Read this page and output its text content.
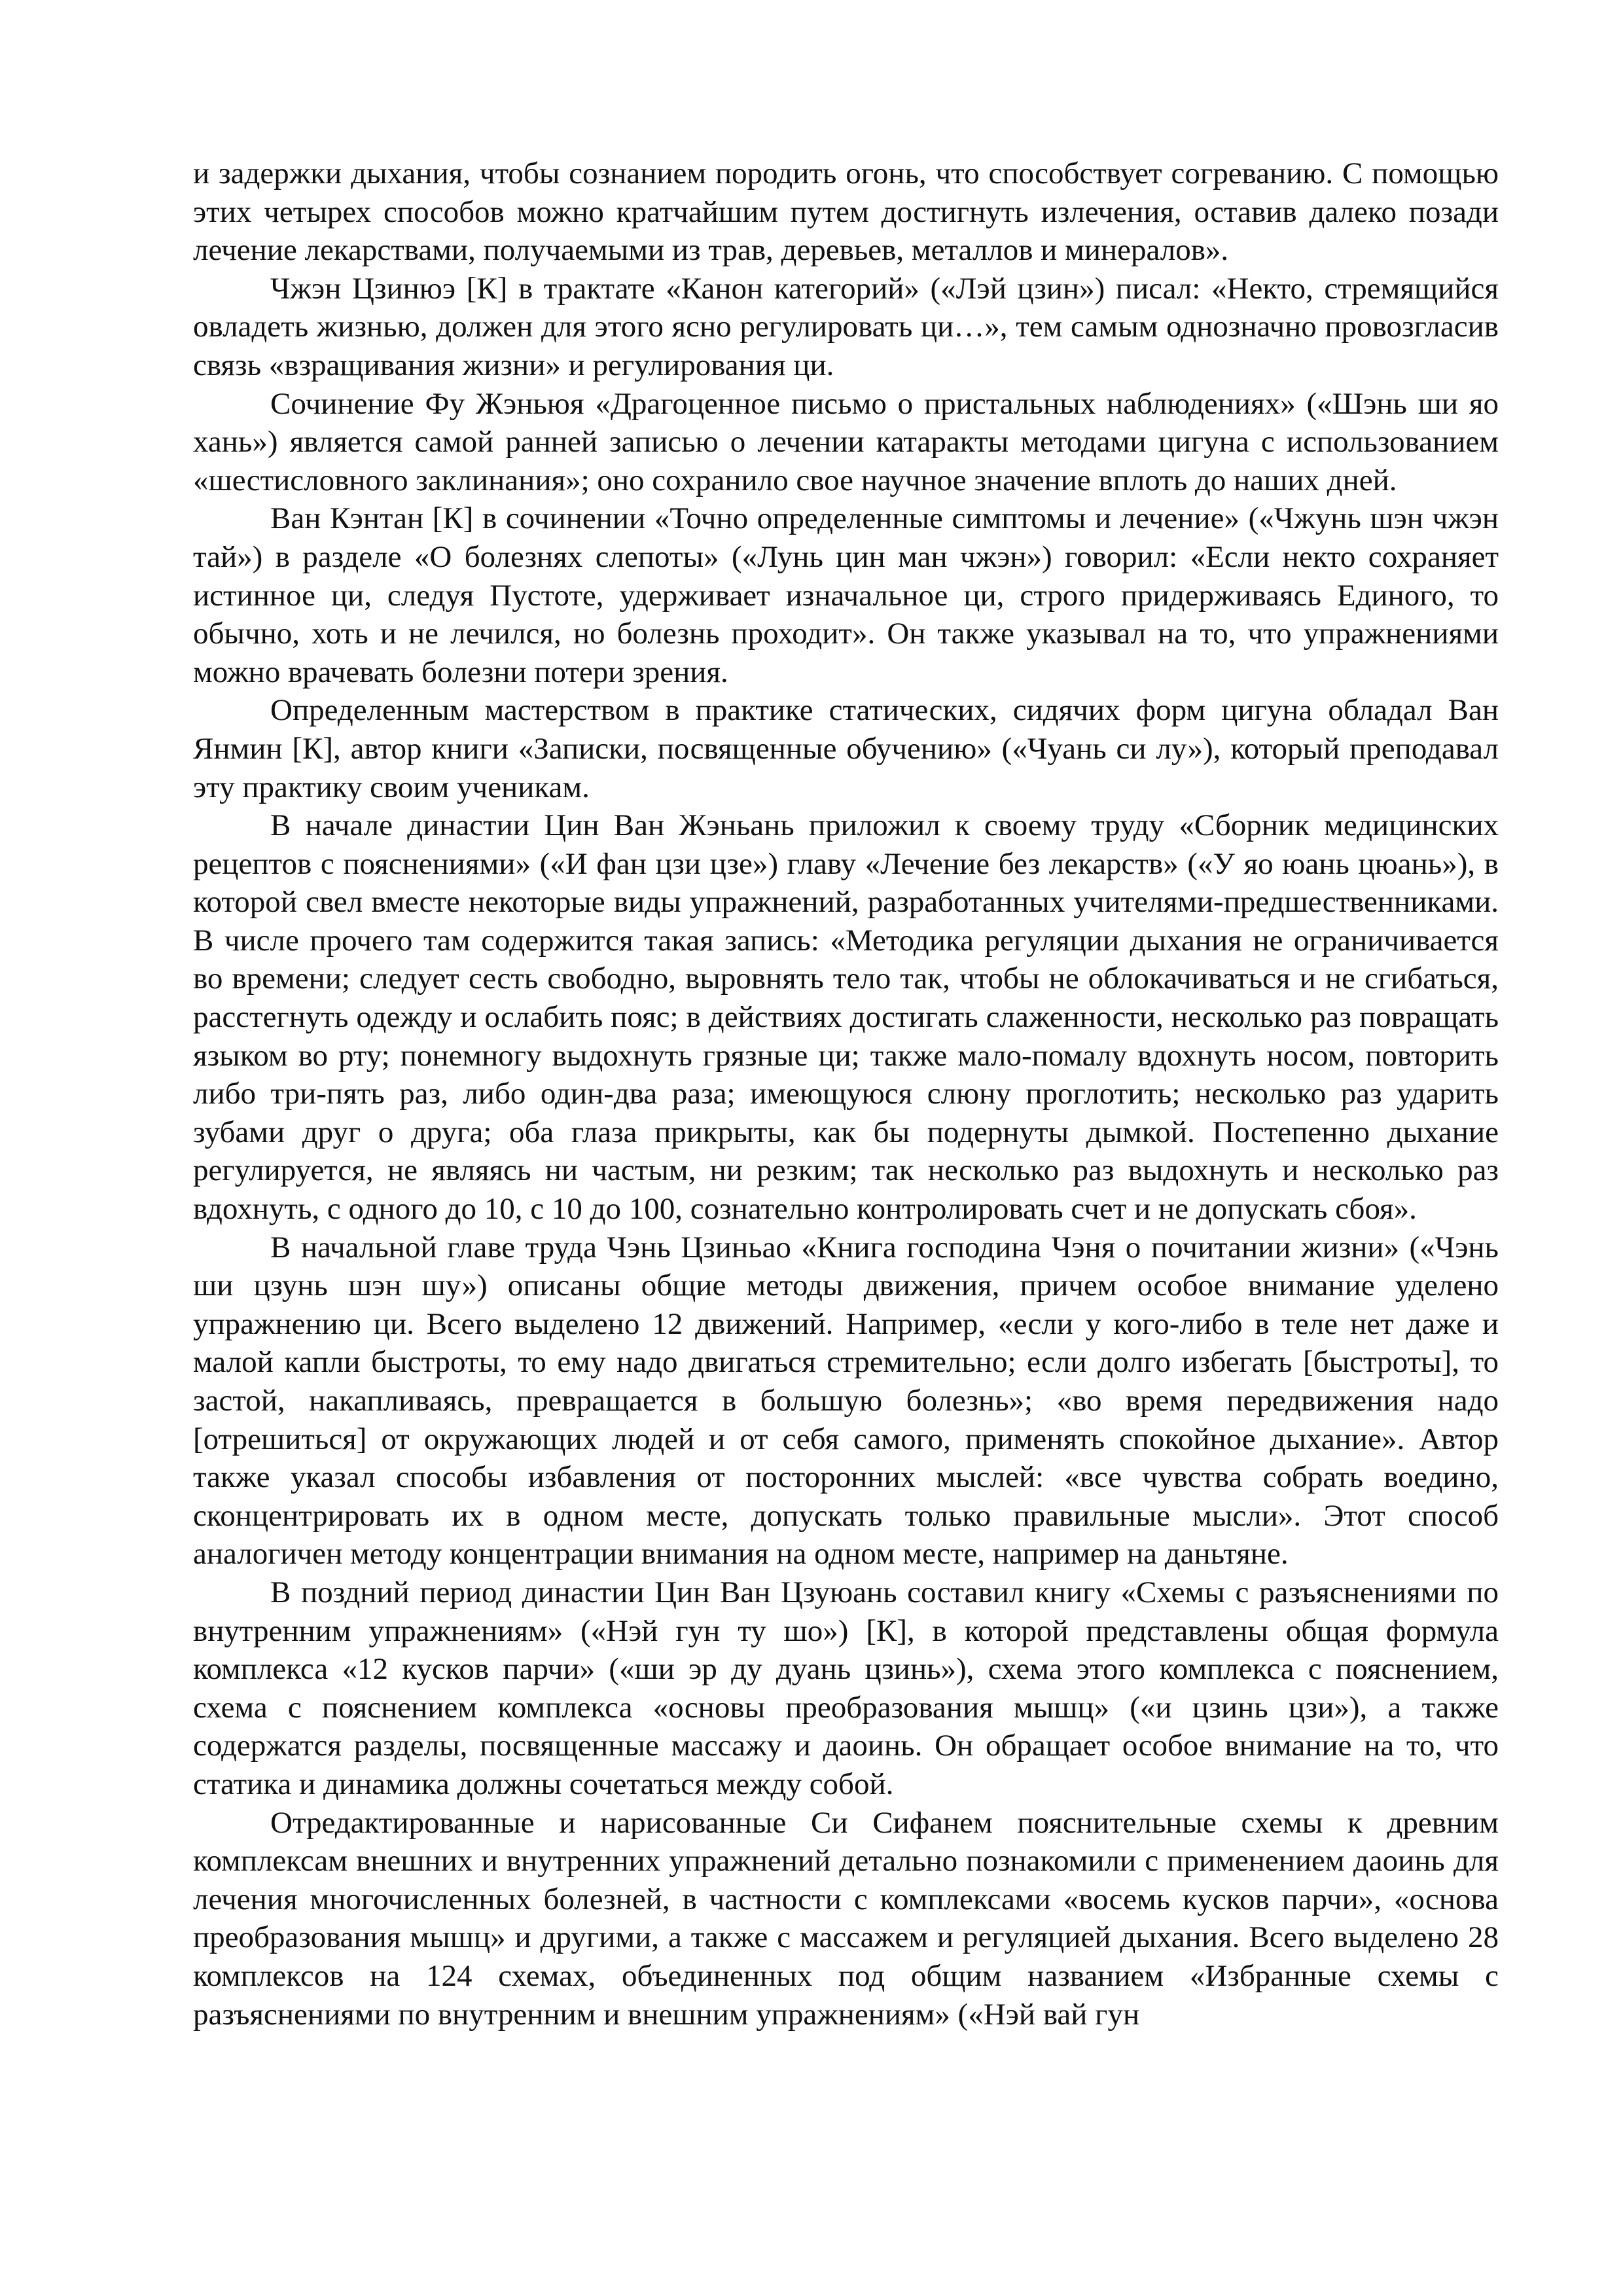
и задержки дыхания, чтобы сознанием породить огонь, что способствует согреванию. С помощью этих четырех способов можно кратчайшим путем достигнуть излечения, оставив далеко позади лечение лекарствами, получаемыми из трав, деревьев, металлов и минералов».

Чжэн Цзинюэ [К] в трактате «Канон категорий» («Лэй цзин») писал: «Некто, стремящийся овладеть жизнью, должен для этого ясно регулировать ци…», тем самым однозначно провозгласив связь «взращивания жизни» и регулирования ци.

Сочинение Фу Жэньюя «Драгоценное письмо о пристальных наблюдениях» («Шэнь ши яо хань») является самой ранней записью о лечении катаракты методами цигуна с использованием «шестисловного заклинания»; оно сохранило свое научное значение вплоть до наших дней.

Ван Кэнтан [К] в сочинении «Точно определенные симптомы и лечение» («Чжунь шэн чжэн тай») в разделе «О болезнях слепоты» («Лунь цин ман чжэн») говорил: «Если некто сохраняет истинное ци, следуя Пустоте, удерживает изначальное ци, строго придерживаясь Единого, то обычно, хоть и не лечился, но болезнь проходит». Он также указывал на то, что упражнениями можно врачевать болезни потери зрения.

Определенным мастерством в практике статических, сидячих форм цигуна обладал Ван Янмин [К], автор книги «Записки, посвященные обучению» («Чуань си лу»), который преподавал эту практику своим ученикам.

В начале династии Цин Ван Жэньань приложил к своему труду «Сборник медицинских рецептов с пояснениями» («И фан цзи цзе») главу «Лечение без лекарств» («У яо юань цюань»), в которой свел вместе некоторые виды упражнений, разработанных учителями-предшественниками. В числе прочего там содержится такая запись: «Методика регуляции дыхания не ограничивается во времени; следует сесть свободно, выровнять тело так, чтобы не облокачиваться и не сгибаться, расстегнуть одежду и ослабить пояс; в действиях достигать слаженности, несколько раз повращать языком во рту; понемногу выдохнуть грязные ци; также мало-помалу вдохнуть носом, повторить либо три-пять раз, либо один-два раза; имеющуюся слюну проглотить; несколько раз ударить зубами друг о друга; оба глаза прикрыты, как бы подернуты дымкой. Постепенно дыхание регулируется, не являясь ни частым, ни резким; так несколько раз выдохнуть и несколько раз вдохнуть, с одного до 10, с 10 до 100, сознательно контролировать счет и не допускать сбоя».

В начальной главе труда Чэнь Цзиньао «Книга господина Чэня о почитании жизни» («Чэнь ши цзунь шэн шу») описаны общие методы движения, причем особое внимание уделено упражнению ци. Всего выделено 12 движений. Например, «если у кого-либо в теле нет даже и малой капли быстроты, то ему надо двигаться стремительно; если долго избегать [быстроты], то застой, накапливаясь, превращается в большую болезнь»; «во время передвижения надо [отрешиться] от окружающих людей и от себя самого, применять спокойное дыхание». Автор также указал способы избавления от посторонних мыслей: «все чувства собрать воедино, сконцентрировать их в одном месте, допускать только правильные мысли». Этот способ аналогичен методу концентрации внимания на одном месте, например на даньтяне.

В поздний период династии Цин Ван Цзуюань составил книгу «Схемы с разъяснениями по внутренним упражнениям» («Нэй гун ту шо») [К], в которой представлены общая формула комплекса «12 кусков парчи» («ши эр ду дуань цзинь»), схема этого комплекса с пояснением, схема с пояснением комплекса «основы преобразования мышц» («и цзинь цзи»), а также содержатся разделы, посвященные массажу и даоинь. Он обращает особое внимание на то, что статика и динамика должны сочетаться между собой.

Отредактированные и нарисованные Си Сифанем пояснительные схемы к древним комплексам внешних и внутренних упражнений детально познакомили с применением даоинь для лечения многочисленных болезней, в частности с комплексами «восемь кусков парчи», «основа преобразования мышц» и другими, а также с массажем и регуляцией дыхания. Всего выделено 28 комплексов на 124 схемах, объединенных под общим названием «Избранные схемы с разъяснениями по внутренним и внешним упражнениям» («Нэй вай гун
